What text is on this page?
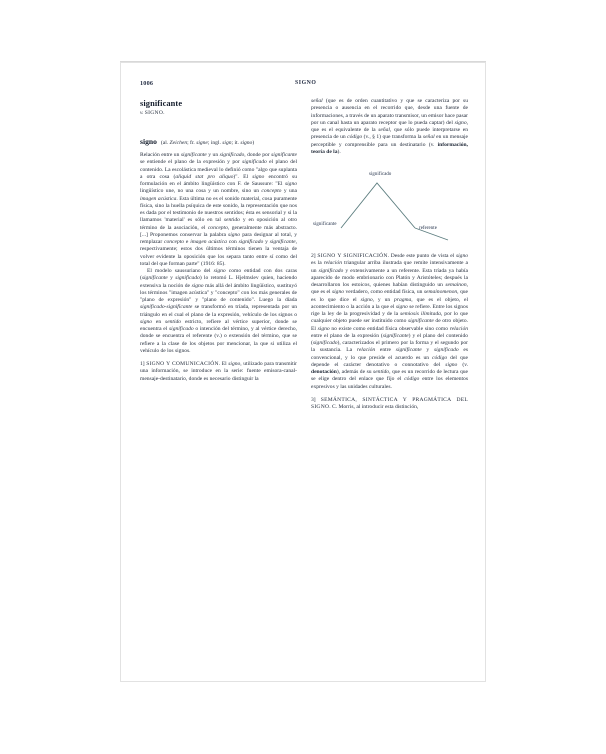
1006	SIGNO
significante
v. SIGNO.
signo (al. Zeichen; fr. signe; ingl. sign; it. signo)

Relación entre un significante y un significado, donde por significante se entiende el plano de la expresión y por significado el plano del contenido. La escolástica medieval lo definió como "algo que suplanta a otra cosa (aliquid stat pro aliquo)". El signo encontró su formulación en el ámbito lingüístico con F. de Saussure: "El signo lingüístico une, no una cosa y un nombre, sino un concepto y una imagen acústica. Esta última no es el sonido material, cosa puramente física, sino la huella psíquica de este sonido, la representación que nos es dada por el testimonio de nuestros sentidos; ésta es sensorial y si la llamamos 'material' es sólo en tal sentido y en oposición al otro término de la asociación, el concepto, generalmente más abstracto. [...] Proponemos conservar la palabra signo para designar al total, y remplazar concepto e imagen acústica con significado y significante, respectivamente; estos dos últimos términos tienen la ventaja de volver evidente la oposición que los separa tanto entre sí como del total del que forman parte" (1916: 85).

El modelo saussuriano del signo como entidad con dos caras (significante y significado) lo retomó L. Hjelmslev quien, haciendo extensiva la noción de signo más allá del ámbito lingüístico, sustituyó los términos "imagen acústica" y "concepto" con los más generales de "plano de expresión" y "plano de contenido". Luego la díada significado-significante se transformó en tríada, representada por un triángulo en el cual el plano de la expresión, vehículo de los signos o signo en sentido estricto, refiere al vértice superior, donde se encuentra el significado o intención del término, y al vértice derecho, donde se encuentra el referente (v.) o extensión del término, que se refiere a la clase de los objetos por mencionar, la que si utiliza el vehículo de los signos.

1] SIGNO Y COMUNICACIÓN. El signo, utilizado para transmitir una información, se introduce en la serie: fuente emisora-canal-mensaje-destinatario, donde es necesario distinguir la

señal (que es de orden cuantitativo y que se caracteriza por su presencia o ausencia en el recorrido que, desde una fuente de informaciones, a través de un aparato transmisor, un emisor hace pasar por un canal hasta un aparato receptor que lo pueda captar) del signo, que es el equivalente de la señal, que sólo puede interpretarse en presencia de un código (v., § 1) que transforma la señal en un mensaje perceptible y comprensible para un destinatario (v. información, teoría de la).

significado
significante
referente

2] SIGNO Y SIGNIFICACIÓN. Desde este punto de vista el signo es la relación triangular arriba ilustrada que remite intensivamente a un significado y extensivamente a un referente. Esta tríada ya había aparecido de modo embrionario con Platón y Aristóteles; después la desarrollaron los estoicos, quienes habían distinguido un semainon, que es el signo verdadero, como entidad física, un semainomenon, que es lo que dice el signo, y un pragma, que es el objeto, el acontecimiento o la acción a la que el signo se refiere. Entre los signos rige la ley de la progresividad y de la semiosis ilimitada, por lo que cualquier objeto puede ser instituido como significante de otro objeto. El signo no existe como entidad física observable sino como relación entre el plano de la expresión (significante) y el plano del contenido (significado), caracterizados el primero por la forma y el segundo por la sustancia. La relación entre significante y significado es convencional, y lo que preside el acuerdo es un código del que depende el carácter denotativo o connotativo del signo (v. denotación), además de su sentido, que es un recorrido de lectura que se elige dentro del enlace que fijo el código entre los elementos expresivos y las unidades culturales.

3] SEMÁNTICA, SINTÁCTICA Y PRAGMÁTICA DEL SIGNO. C. Morris, al introducir esta distinción,
